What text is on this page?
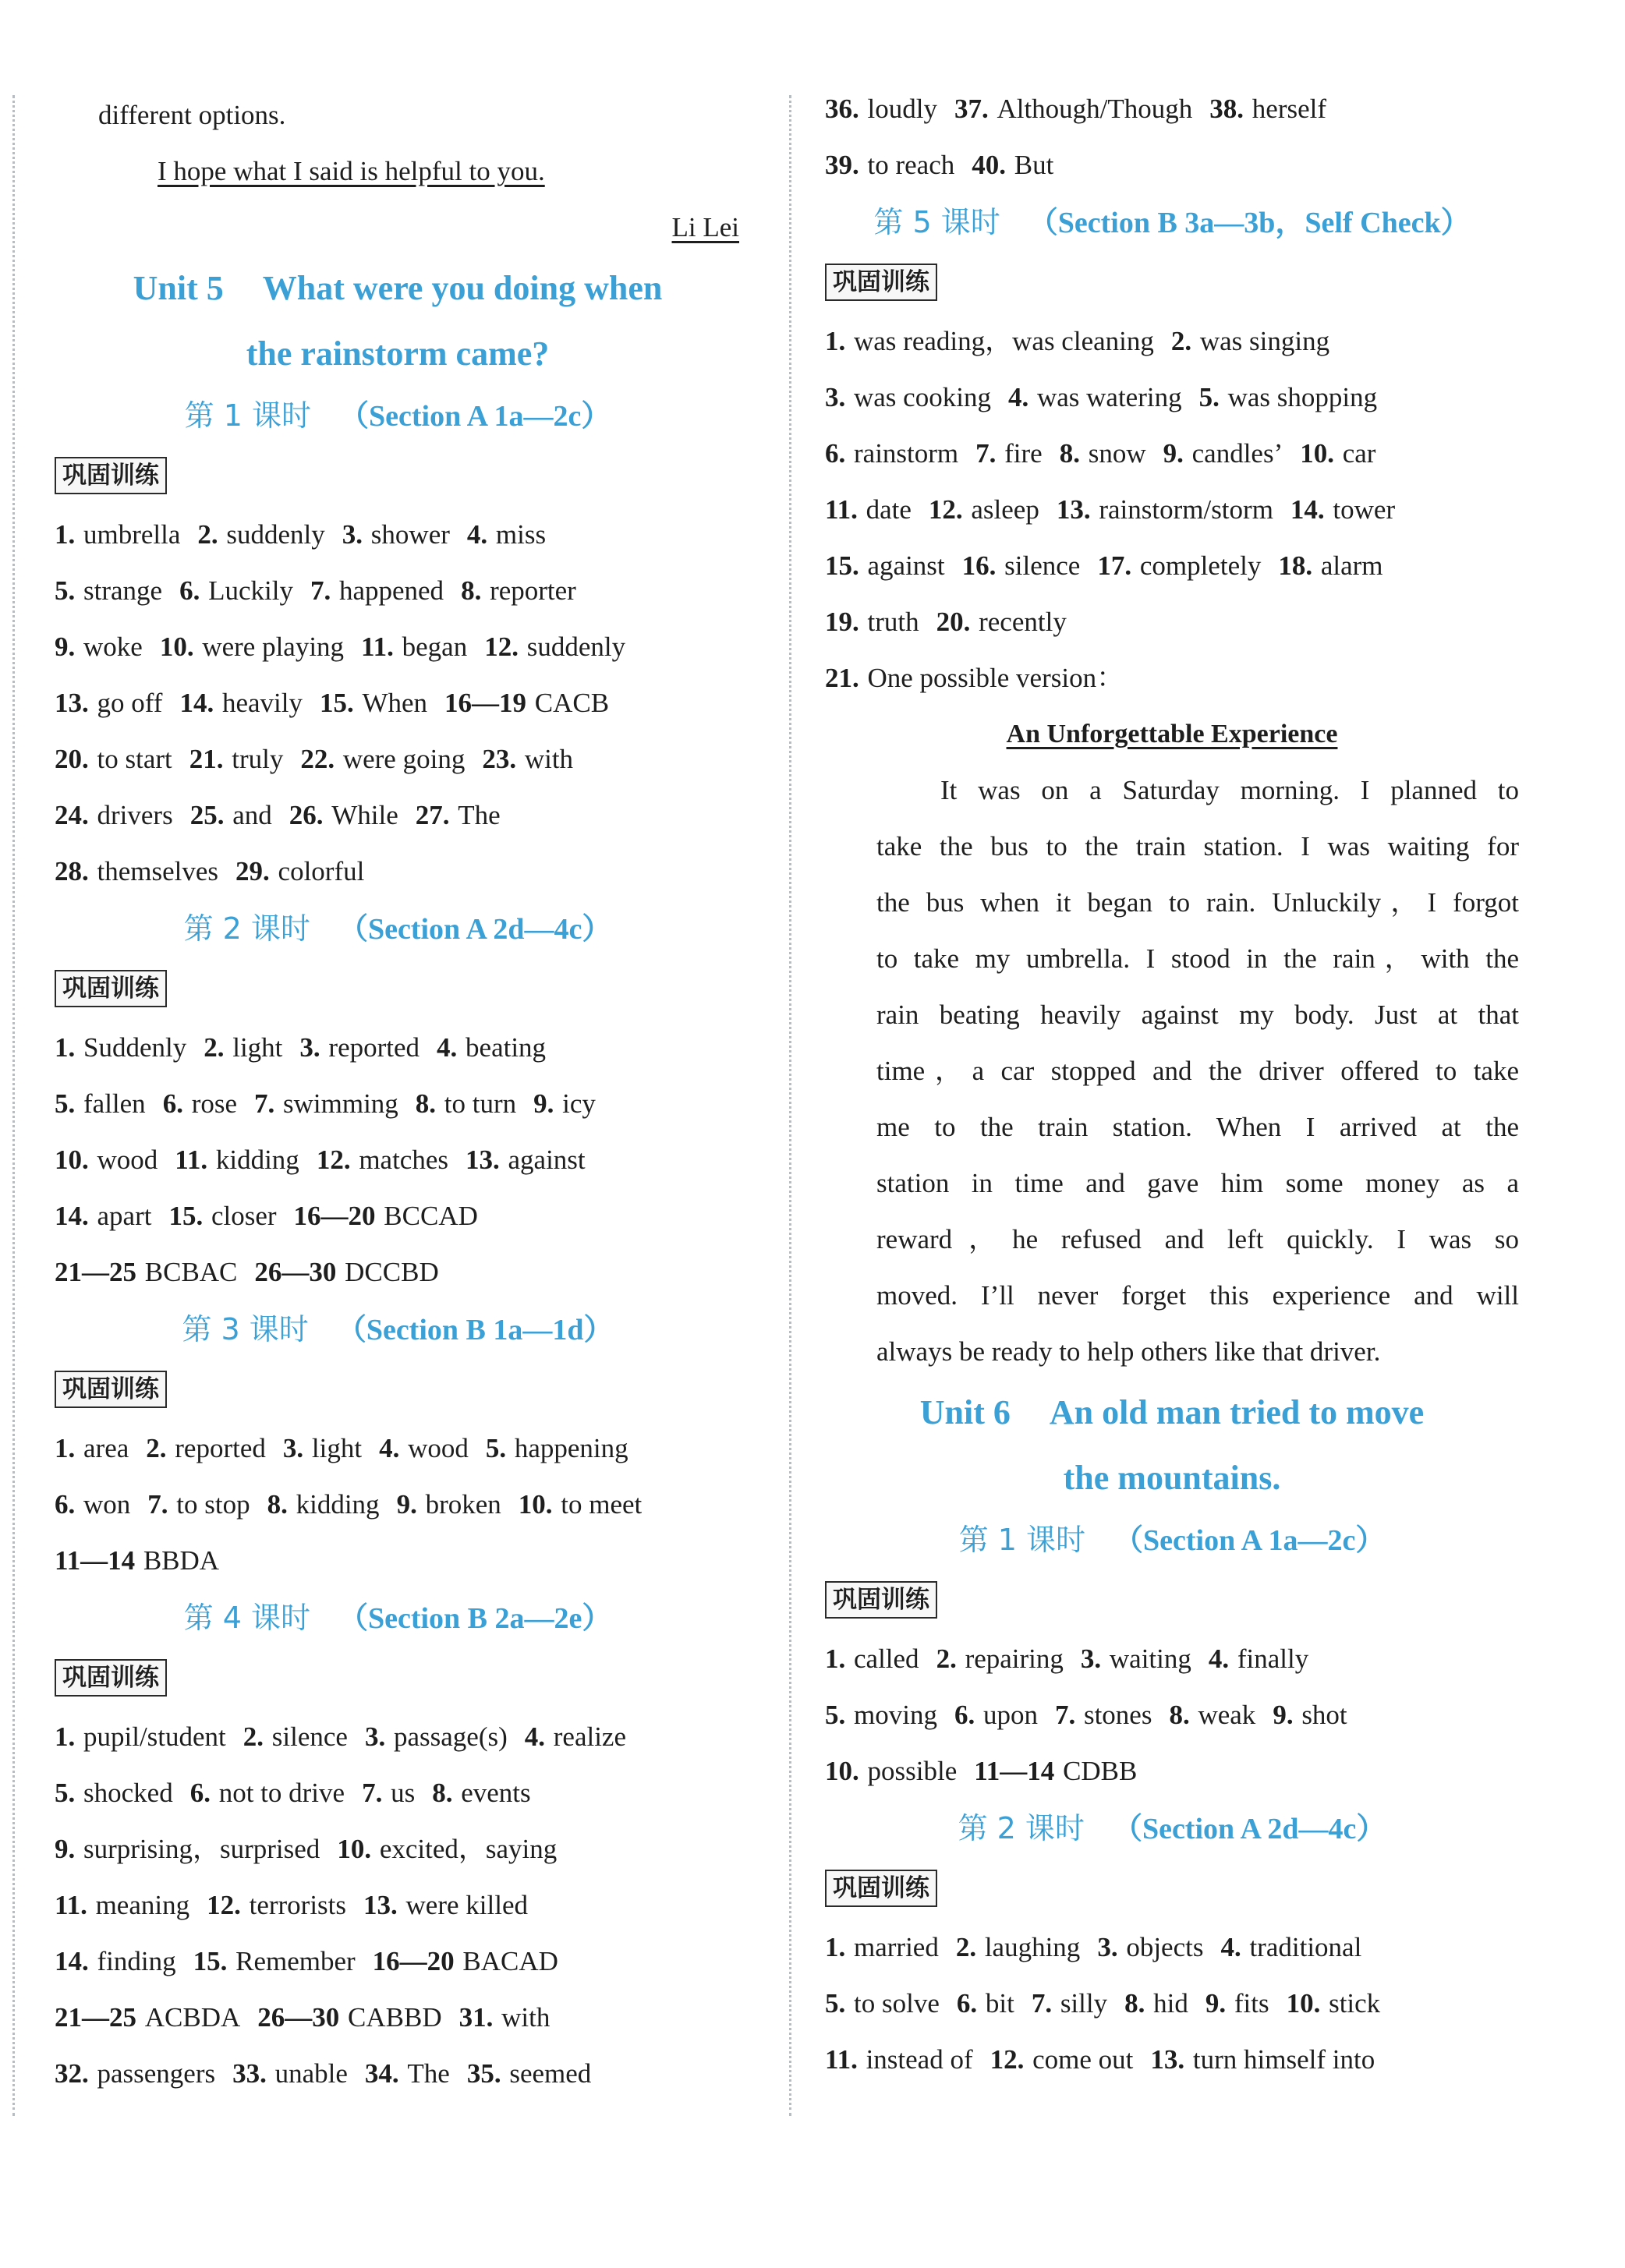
different options.
I hope what I said is helpful to you.
Li Lei
Unit 5 What were you doing when
the rainstorm came?
第 1 课时 （Section A 1a—2c）
巩固训练
1. umbrella 2. suddenly 3. shower 4. miss
5. strange 6. Luckily 7. happened 8. reporter
9. woke 10. were playing 11. began 12. suddenly
13. go off 14. heavily 15. When 16—19 CACB
20. to start 21. truly 22. were going 23. with
24. drivers 25. and 26. While 27. The
28. themselves 29. colorful
第 2 课时 （Section A 2d—4c）
巩固训练
1. Suddenly 2. light 3. reported 4. beating
5. fallen 6. rose 7. swimming 8. to turn 9. icy
10. wood 11. kidding 12. matches 13. against
14. apart 15. closer 16—20 BCCAD
21—25 BCBAC 26—30 DCCBD
第 3 课时 （Section B 1a—1d）
巩固训练
1. area 2. reported 3. light 4. wood 5. happening
6. won 7. to stop 8. kidding 9. broken 10. to meet
11—14 BBDA
第 4 课时 （Section B 2a—2e）
巩固训练
1. pupil/student 2. silence 3. passage(s) 4. realize
5. shocked 6. not to drive 7. us 8. events
9. surprising，surprised 10. excited，saying
11. meaning 12. terrorists 13. were killed
14. finding 15. Remember 16—20 BACAD
21—25 ACBDA 26—30 CABBD 31. with
32. passengers 33. unable 34. The 35. seemed
36. loudly 37. Although/Though 38. herself
39. to reach 40. But
第 5 课时 （Section B 3a—3b，Self Check）
巩固训练
1. was reading，was cleaning 2. was singing
3. was cooking 4. was watering 5. was shopping
6. rainstorm 7. fire 8. snow 9. candles’ 10. car
11. date 12. asleep 13. rainstorm/storm 14. tower
15. against 16. silence 17. completely 18. alarm
19. truth 20. recently
21. One possible version：
An Unforgettable Experience
It was on a Saturday morning. I planned to
take the bus to the train station. I was waiting for
the bus when it began to rain. Unluckily，I forgot
to take my umbrella. I stood in the rain，with the
rain beating heavily against my body. Just at that
time，a car stopped and the driver offered to take
me to the train station. When I arrived at the
station in time and gave him some money as a
reward，he refused and left quickly. I was so
moved. I’ll never forget this experience and will
always be ready to help others like that driver.
Unit 6 An old man tried to move
the mountains.
第 1 课时 （Section A 1a—2c）
巩固训练
1. called 2. repairing 3. waiting 4. finally
5. moving 6. upon 7. stones 8. weak 9. shot
10. possible 11—14 CDBB
第 2 课时 （Section A 2d—4c）
巩固训练
1. married 2. laughing 3. objects 4. traditional
5. to solve 6. bit 7. silly 8. hid 9. fits 10. stick
11. instead of 12. come out 13. turn himself into
